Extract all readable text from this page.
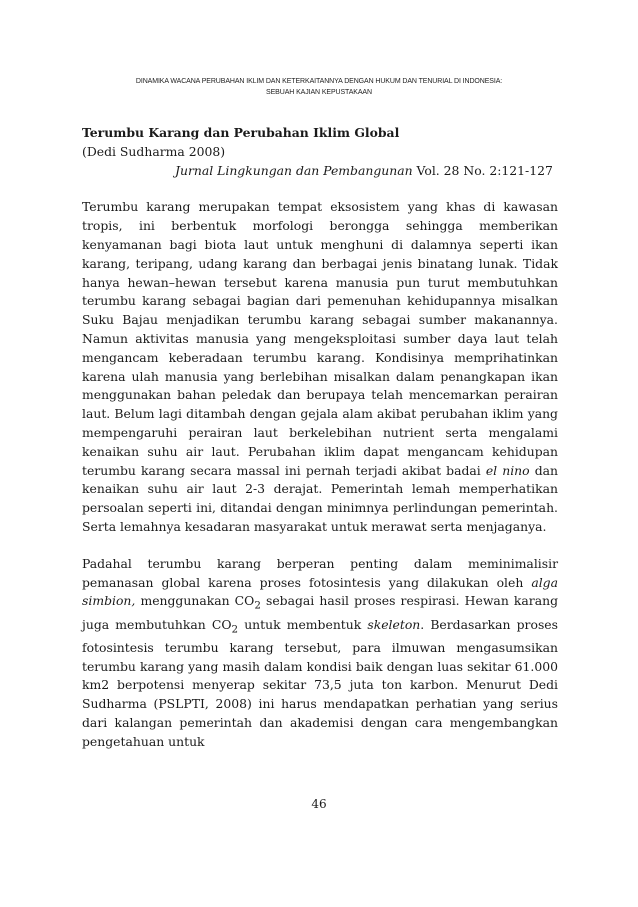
DINAMIKA WACANA PERUBAHAN IKLIM DAN KETERKAITANNYA DENGAN HUKUM DAN TENURIAL DI INDONESIA:
SEBUAH KAJIAN KEPUSTAKAAN

Terumbu Karang dan Perubahan Iklim Global

(Dedi Sudharma 2008)

Jurnal Lingkungan dan Pembangunan Vol. 28 No. 2:121-127

Terumbu karang merupakan tempat eksosistem yang khas di kawasan tropis, ini berbentuk morfologi berongga sehingga memberikan kenyamanan bagi biota laut untuk menghuni di dalamnya seperti ikan karang, teripang, udang karang dan berbagai jenis binatang lunak. Tidak hanya hewan–hewan tersebut karena manusia pun turut membutuhkan terumbu karang sebagai bagian dari pemenuhan kehidupannya misalkan Suku Bajau menjadikan terumbu karang sebagai sumber makanannya. Namun aktivitas manusia yang mengeksploitasi sumber daya laut telah mengancam keberadaan terumbu karang. Kondisinya memprihatinkan karena ulah manusia yang berlebihan misalkan dalam penangkapan ikan menggunakan bahan peledak dan berupaya telah mencemarkan perairan laut. Belum lagi ditambah dengan gejala alam akibat perubahan iklim yang mempengaruhi perairan laut berkelebihan nutrient serta mengalami kenaikan suhu air laut. Perubahan iklim dapat mengancam kehidupan terumbu karang secara massal ini pernah terjadi akibat badai el nino dan kenaikan suhu air laut 2-3 derajat. Pemerintah lemah memperhatikan persoalan seperti ini, ditandai dengan minimnya perlindungan pemerintah. Serta lemahnya kesadaran masyarakat untuk merawat serta menjaganya.

Padahal terumbu karang berperan penting dalam meminimalisir pemanasan global karena proses fotosintesis yang dilakukan oleh alga simbion, menggunakan $CO_2$ sebagai hasil proses respirasi. Hewan karang juga membutuhkan $CO_2$ untuk membentuk skeleton. Berdasarkan proses fotosintesis terumbu karang tersebut, para ilmuwan mengasumsikan terumbu karang yang masih dalam kondisi baik dengan luas sekitar 61.000 km2 berpotensi menyerap sekitar 73,5 juta ton karbon. Menurut Dedi Sudharma (PSLPTI, 2008) ini harus mendapatkan perhatian yang serius dari kalangan pemerintah dan akademisi dengan cara mengembangkan pengetahuan untuk

46
